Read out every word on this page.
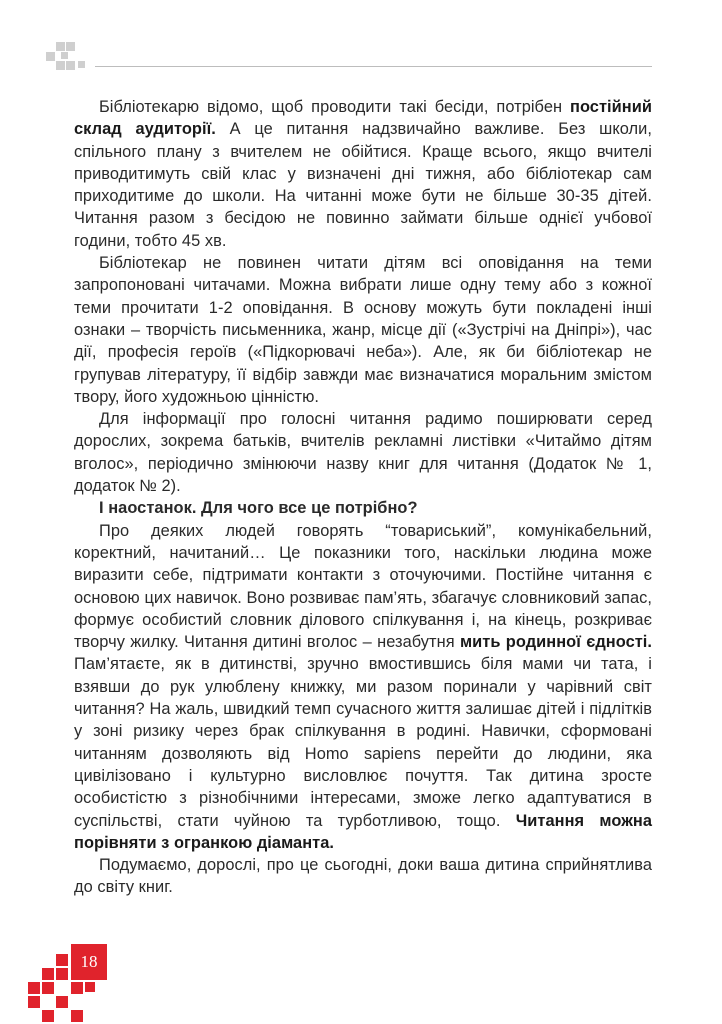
Бібліотекарю відомо, щоб проводити такі бесіди, потрібен постійний склад аудиторії. А це питання надзвичайно важливе. Без школи, спільного плану з вчителем не обійтися. Краще всього, якщо вчителі приводитимуть свій клас у визначені дні тижня, або бібліотекар сам приходитиме до школи. На читанні може бути не більше 30-35 дітей. Читання разом з бесідою не повинно займати більше однієї учбової години, тобто 45 хв.

Бібліотекар не повинен читати дітям всі оповідання на теми запропоновані читачами. Можна вибрати лише одну тему або з кожної теми прочитати 1-2 оповідання. В основу можуть бути покладені інші ознаки – творчість письменника, жанр, місце дії («Зустрічі на Дніпрі»), час дії, професія героїв («Підкорювачі неба»). Але, як би бібліотекар не групував літературу, її відбір завжди має визначатися моральним змістом твору, його художньою цінністю.

Для інформації про голосні читання радимо поширювати серед дорослих, зокрема батьків, вчителів рекламні листівки «Читаймо дітям вголос», періодично змінюючи назву книг для читання (Додаток № 1, додаток № 2).

І наостанок. Для чого все це потрібно?

Про деяких людей говорять “товариський”, комунікабельний, коректний, начитаний… Це показники того, наскільки людина може виразити себе, підтримати контакти з оточуючими. Постійне читання є основою цих навичок. Воно розвиває пам’ять, збагачує словниковий запас, формує особистий словник ділового спілкування і, на кінець, розкриває творчу жилку. Читання дитині вголос – незабутня мить родинної єдності. Пам’ятаєте, як в дитинстві, зручно вмостившись біля мами чи тата, і взявши до рук улюблену книжку, ми разом поринали у чарівний світ читання? На жаль, швидкий темп сучасного життя залишає дітей і підлітків у зоні ризику через брак спілкування в родині. Навички, сформовані читанням дозволяють від Homo sapiens перейти до людини, яка цивілізовано і культурно висловлює почуття. Так дитина зросте особистістю з різнобічними інтересами, зможе легко адаптуватися в суспільстві, стати чуйною та турботливою, тощо. Читання можна порівняти з огранкою діаманта.

Подумаємо, дорослі, про це сьогодні, доки ваша дитина сприйнятлива до світу книг.

18
